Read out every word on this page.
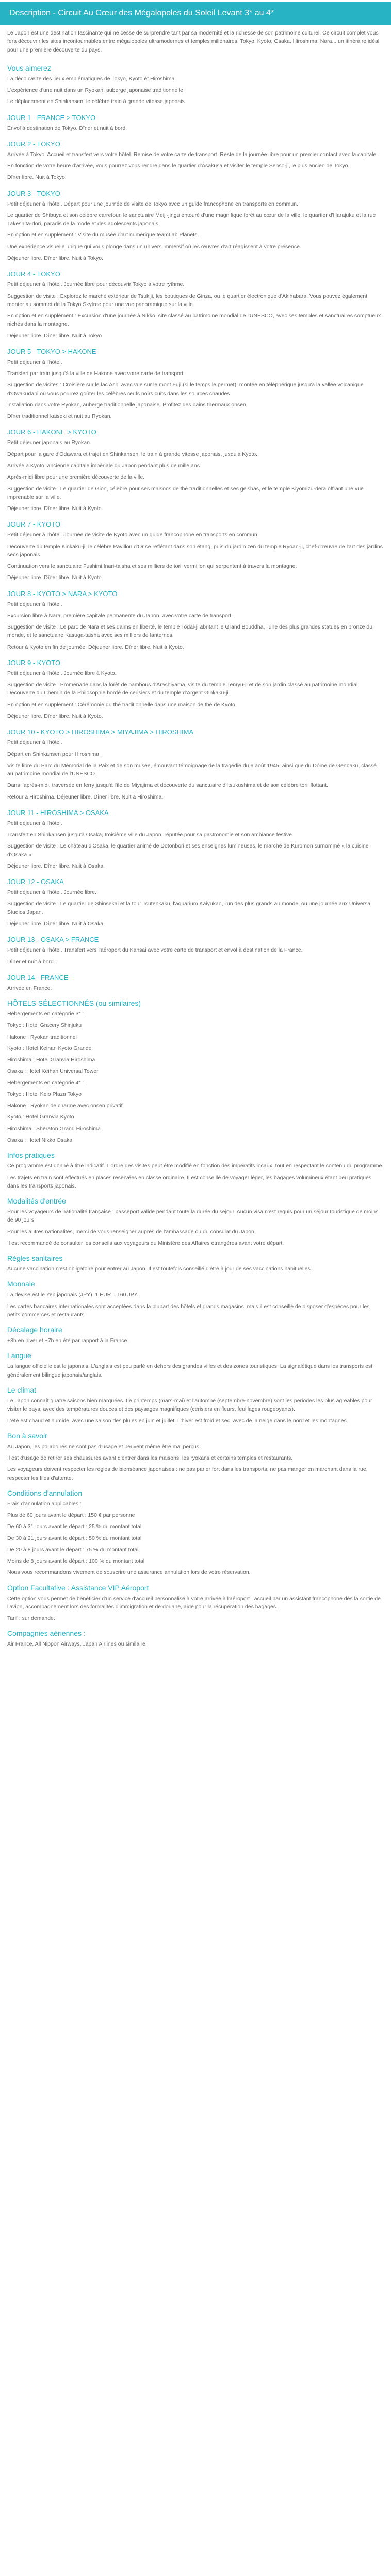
Description - Circuit Au Cœur des Mégalopoles du Soleil Levant 3* au 4*

Le Japon est une destination fascinante qui ne cesse de surprendre tant par sa modernité et la richesse de son patrimoine culturel. Ce circuit complet vous fera découvrir les sites incontournables entre mégalopoles ultramodernes et temples millénaires. Tokyo, Kyoto, Osaka, Hiroshima, Nara... un itinéraire idéal pour une première découverte du pays.

Vous aimerez

La découverte des lieux emblématiques de Tokyo, Kyoto et Hiroshima

L'expérience d'une nuit dans un Ryokan, auberge japonaise traditionnelle

Le déplacement en Shinkansen, le célèbre train à grande vitesse japonais

JOUR 1 - FRANCE > TOKYO

Envol à destination de Tokyo. Dîner et nuit à bord.

JOUR 2 - TOKYO

Arrivée à Tokyo. Accueil et transfert vers votre hôtel. Remise de votre carte de transport. Reste de la journée libre pour un premier contact avec la capitale.

En fonction de votre heure d'arrivée, vous pourrez vous rendre dans le quartier d'Asakusa et visiter le temple Senso-ji, le plus ancien de Tokyo.

Dîner libre. Nuit à Tokyo.

JOUR 3 - TOKYO

Petit déjeuner à l'hôtel. Départ pour une journée de visite de Tokyo avec un guide francophone en transports en commun.

Le quartier de Shibuya et son célèbre carrefour, le sanctuaire Meiji-jingu entouré d'une magnifique forêt au cœur de la ville, le quartier d'Harajuku et la rue Takeshita-dori, paradis de la mode et des adolescents japonais.

En option et en supplément : Visite du musée d'art numérique teamLab Planets.

Une expérience visuelle unique qui vous plonge dans un univers immersif où les œuvres d'art réagissent à votre présence.

Déjeuner libre. Dîner libre. Nuit à Tokyo.

JOUR 4 - TOKYO

Petit déjeuner à l'hôtel. Journée libre pour découvrir Tokyo à votre rythme.

Suggestion de visite : Explorez le marché extérieur de Tsukiji, les boutiques de Ginza, ou le quartier électronique d'Akihabara. Vous pouvez également monter au sommet de la Tokyo Skytree pour une vue panoramique sur la ville.

En option et en supplément : Excursion d'une journée à Nikko, site classé au patrimoine mondial de l'UNESCO, avec ses temples et sanctuaires somptueux nichés dans la montagne.

Déjeuner libre. Dîner libre. Nuit à Tokyo.

JOUR 5 - TOKYO > HAKONE

Petit déjeuner à l'hôtel.

Transfert par train jusqu'à la ville de Hakone avec votre carte de transport.

Suggestion de visites : Croisière sur le lac Ashi avec vue sur le mont Fuji (si le temps le permet), montée en téléphérique jusqu'à la vallée volcanique d'Owakudani où vous pourrez goûter les célèbres œufs noirs cuits dans les sources chaudes.

Installation dans votre Ryokan, auberge traditionnelle japonaise. Profitez des bains thermaux onsen.

Dîner traditionnel kaiseki et nuit au Ryokan.

JOUR 6 - HAKONE > KYOTO

Petit déjeuner japonais au Ryokan.

Départ pour la gare d'Odawara et trajet en Shinkansen, le train à grande vitesse japonais, jusqu'à Kyoto.

Arrivée à Kyoto, ancienne capitale impériale du Japon pendant plus de mille ans.

Après-midi libre pour une première découverte de la ville.

Suggestion de visite : Le quartier de Gion, célèbre pour ses maisons de thé traditionnelles et ses geishas, et le temple Kiyomizu-dera offrant une vue imprenable sur la ville.

Déjeuner libre. Dîner libre. Nuit à Kyoto.

JOUR 7 - KYOTO

Petit déjeuner à l'hôtel. Journée de visite de Kyoto avec un guide francophone en transports en commun.

Découverte du temple Kinkaku-ji, le célèbre Pavillon d'Or se reflétant dans son étang, puis du jardin zen du temple Ryoan-ji, chef-d'œuvre de l'art des jardins secs japonais.

Continuation vers le sanctuaire Fushimi Inari-taisha et ses milliers de torii vermillon qui serpentent à travers la montagne.

Déjeuner libre. Dîner libre. Nuit à Kyoto.

JOUR 8 - KYOTO > NARA > KYOTO

Petit déjeuner à l'hôtel.

Excursion libre à Nara, première capitale permanente du Japon, avec votre carte de transport.

Suggestion de visite : Le parc de Nara et ses daims en liberté, le temple Todai-ji abritant le Grand Bouddha, l'une des plus grandes statues en bronze du monde, et le sanctuaire Kasuga-taisha avec ses milliers de lanternes.

Retour à Kyoto en fin de journée. Déjeuner libre. Dîner libre. Nuit à Kyoto.

JOUR 9 - KYOTO

Petit déjeuner à l'hôtel. Journée libre à Kyoto.

Suggestion de visite : Promenade dans la forêt de bambous d'Arashiyama, visite du temple Tenryu-ji et de son jardin classé au patrimoine mondial. Découverte du Chemin de la Philosophie bordé de cerisiers et du temple d'Argent Ginkaku-ji.

En option et en supplément : Cérémonie du thé traditionnelle dans une maison de thé de Kyoto.

Déjeuner libre. Dîner libre. Nuit à Kyoto.

JOUR 10 - KYOTO > HIROSHIMA > MIYAJIMA > HIROSHIMA

Petit déjeuner à l'hôtel.

Départ en Shinkansen pour Hiroshima.

Visite libre du Parc du Mémorial de la Paix et de son musée, émouvant témoignage de la tragédie du 6 août 1945, ainsi que du Dôme de Genbaku, classé au patrimoine mondial de l'UNESCO.

Dans l'après-midi, traversée en ferry jusqu'à l'île de Miyajima et découverte du sanctuaire d'Itsukushima et de son célèbre torii flottant.

Retour à Hiroshima. Déjeuner libre. Dîner libre. Nuit à Hiroshima.

JOUR 11 - HIROSHIMA > OSAKA

Petit déjeuner à l'hôtel.

Transfert en Shinkansen jusqu'à Osaka, troisième ville du Japon, réputée pour sa gastronomie et son ambiance festive.

Suggestion de visite : Le château d'Osaka, le quartier animé de Dotonbori et ses enseignes lumineuses, le marché de Kuromon surnommé « la cuisine d'Osaka ».

Déjeuner libre. Dîner libre. Nuit à Osaka.

JOUR 12 - OSAKA

Petit déjeuner à l'hôtel. Journée libre.

Suggestion de visite : Le quartier de Shinsekai et la tour Tsutenkaku, l'aquarium Kaiyukan, l'un des plus grands au monde, ou une journée aux Universal Studios Japan.

Déjeuner libre. Dîner libre. Nuit à Osaka.

JOUR 13 - OSAKA > FRANCE

Petit déjeuner à l'hôtel. Transfert vers l'aéroport du Kansai avec votre carte de transport et envol à destination de la France.

Dîner et nuit à bord.

JOUR 14 - FRANCE

Arrivée en France.

HÔTELS SÉLECTIONNÉS (ou similaires)

Hébergements en catégorie 3* :

Tokyo : Hotel Gracery Shinjuku

Hakone : Ryokan traditionnel

Kyoto : Hotel Keihan Kyoto Grande

Hiroshima : Hotel Granvia Hiroshima

Osaka : Hotel Keihan Universal Tower

Hébergements en catégorie 4* :

Tokyo : Hotel Keio Plaza Tokyo

Hakone : Ryokan de charme avec onsen privatif

Kyoto : Hotel Granvia Kyoto

Hiroshima : Sheraton Grand Hiroshima

Osaka : Hotel Nikko Osaka

Infos pratiques

Ce programme est donné à titre indicatif. L'ordre des visites peut être modifié en fonction des impératifs locaux, tout en respectant le contenu du programme.

Les trajets en train sont effectués en places réservées en classe ordinaire. Il est conseillé de voyager léger, les bagages volumineux étant peu pratiques dans les transports japonais.

Modalités d'entrée

Pour les voyageurs de nationalité française : passeport valide pendant toute la durée du séjour. Aucun visa n'est requis pour un séjour touristique de moins de 90 jours.

Pour les autres nationalités, merci de vous renseigner auprès de l'ambassade ou du consulat du Japon.

Il est recommandé de consulter les conseils aux voyageurs du Ministère des Affaires étrangères avant votre départ.

Règles sanitaires

Aucune vaccination n'est obligatoire pour entrer au Japon. Il est toutefois conseillé d'être à jour de ses vaccinations habituelles.

Monnaie

La devise est le Yen japonais (JPY). 1 EUR ≈ 160 JPY.

Les cartes bancaires internationales sont acceptées dans la plupart des hôtels et grands magasins, mais il est conseillé de disposer d'espèces pour les petits commerces et restaurants.

Décalage horaire

+8h en hiver et +7h en été par rapport à la France.

Langue

La langue officielle est le japonais. L'anglais est peu parlé en dehors des grandes villes et des zones touristiques. La signalétique dans les transports est généralement bilingue japonais/anglais.

Le climat

Le Japon connaît quatre saisons bien marquées. Le printemps (mars-mai) et l'automne (septembre-novembre) sont les périodes les plus agréables pour visiter le pays, avec des températures douces et des paysages magnifiques (cerisiers en fleurs, feuillages rougeoyants).

L'été est chaud et humide, avec une saison des pluies en juin et juillet. L'hiver est froid et sec, avec de la neige dans le nord et les montagnes.

Bon à savoir

Au Japon, les pourboires ne sont pas d'usage et peuvent même être mal perçus.

Il est d'usage de retirer ses chaussures avant d'entrer dans les maisons, les ryokans et certains temples et restaurants.

Les voyageurs doivent respecter les règles de bienséance japonaises : ne pas parler fort dans les transports, ne pas manger en marchant dans la rue, respecter les files d'attente.

Conditions d'annulation

Frais d'annulation applicables :

Plus de 60 jours avant le départ : 150 € par personne

De 60 à 31 jours avant le départ : 25 % du montant total

De 30 à 21 jours avant le départ : 50 % du montant total

De 20 à 8 jours avant le départ : 75 % du montant total

Moins de 8 jours avant le départ : 100 % du montant total

Nous vous recommandons vivement de souscrire une assurance annulation lors de votre réservation.

Option Facultative : Assistance VIP Aéroport

Cette option vous permet de bénéficier d'un service d'accueil personnalisé à votre arrivée à l'aéroport : accueil par un assistant francophone dès la sortie de l'avion, accompagnement lors des formalités d'immigration et de douane, aide pour la récupération des bagages.

Tarif : sur demande.

Compagnies aériennes :

Air France, All Nippon Airways, Japan Airlines ou similaire.
